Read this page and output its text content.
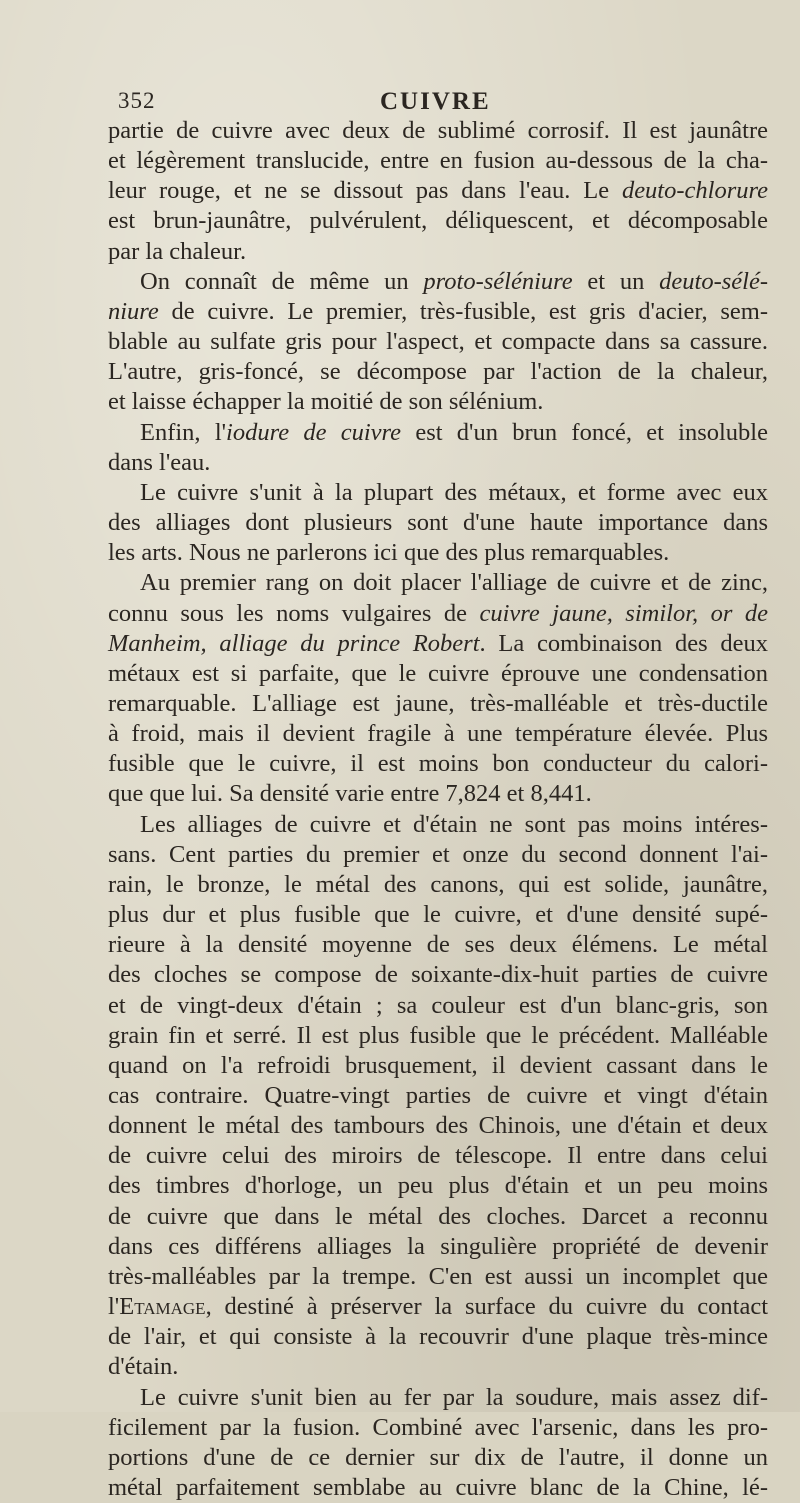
352	CUIVRE
partie de cuivre avec deux de sublimé corrosif. Il est jaunâtre
et légèrement translucide, entre en fusion au-dessous de la cha-
leur rouge, et ne se dissout pas dans l'eau. Le deuto-chlorure
est brun-jaunâtre, pulvérulent, déliquescent, et décomposable
par la chaleur.
On connaît de même un proto-séléniure et un deuto-sélé-
niure de cuivre. Le premier, très-fusible, est gris d'acier, sem-
blable au sulfate gris pour l'aspect, et compacte dans sa cassure.
L'autre, gris-foncé, se décompose par l'action de la chaleur,
et laisse échapper la moitié de son sélénium.
Enfin, l'iodure de cuivre est d'un brun foncé, et insoluble
dans l'eau.
Le cuivre s'unit à la plupart des métaux, et forme avec eux
des alliages dont plusieurs sont d'une haute importance dans
les arts. Nous ne parlerons ici que des plus remarquables.
Au premier rang on doit placer l'alliage de cuivre et de zinc,
connu sous les noms vulgaires de cuivre jaune, similor, or de
Manheim, alliage du prince Robert. La combinaison des deux
métaux est si parfaite, que le cuivre éprouve une condensation
remarquable. L'alliage est jaune, très-malléable et très-ductile
à froid, mais il devient fragile à une température élevée. Plus
fusible que le cuivre, il est moins bon conducteur du calori-
que que lui. Sa densité varie entre 7,824 et 8,441.
Les alliages de cuivre et d'étain ne sont pas moins intéres-
sans. Cent parties du premier et onze du second donnent l'ai-
rain, le bronze, le métal des canons, qui est solide, jaunâtre,
plus dur et plus fusible que le cuivre, et d'une densité supé-
rieure à la densité moyenne de ses deux élémens. Le métal
des cloches se compose de soixante-dix-huit parties de cuivre
et de vingt-deux d'étain ; sa couleur est d'un blanc-gris, son
grain fin et serré. Il est plus fusible que le précédent. Malléable
quand on l'a refroidi brusquement, il devient cassant dans le
cas contraire. Quatre-vingt parties de cuivre et vingt d'étain
donnent le métal des tambours des Chinois, une d'étain et deux
de cuivre celui des miroirs de télescope. Il entre dans celui
des timbres d'horloge, un peu plus d'étain et un peu moins
de cuivre que dans le métal des cloches. Darcet a reconnu
dans ces différens alliages la singulière propriété de devenir
très-malléables par la trempe. C'en est aussi un incomplet que
l'Etamage, destiné à préserver la surface du cuivre du contact
de l'air, et qui consiste à la recouvrir d'une plaque très-mince
d'étain.
Le cuivre s'unit bien au fer par la soudure, mais assez dif-
ficilement par la fusion. Combiné avec l'arsenic, dans les pro-
portions d'une de ce dernier sur dix de l'autre, il donne un
métal parfaitement semblabe au cuivre blanc de la Chine, lé-
